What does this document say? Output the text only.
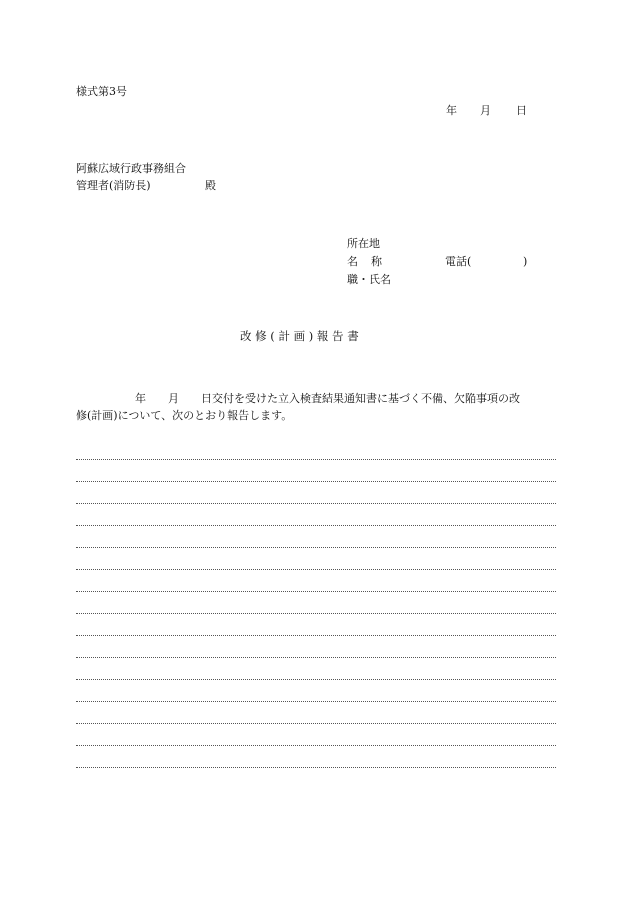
様式第3号
年 月 日
阿蘇広域行政事務組合
管理者(消防長)	殿
所在地
名　称	電話(	)
職・氏名
改 修 ( 計 画 ) 報 告 書
年 月 日交付を受けた立入検査結果通知書に基づく不備、欠陥事項の改
修(計画)について、次のとおり報告します。
